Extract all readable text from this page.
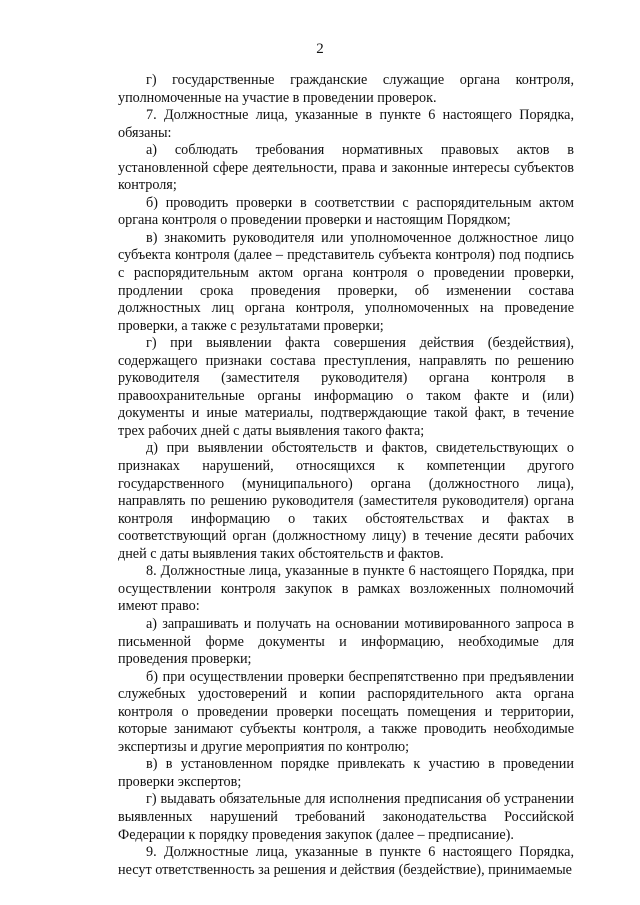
2

г) государственные гражданские служащие органа контроля, уполномоченные на участие в проведении проверок.

7. Должностные лица, указанные в пункте 6 настоящего Порядка, обязаны:

а) соблюдать требования нормативных правовых актов в установленной сфере деятельности, права и законные интересы субъектов контроля;

б) проводить проверки в соответствии с распорядительным актом органа контроля о проведении проверки и настоящим Порядком;

в) знакомить руководителя или уполномоченное должностное лицо субъекта контроля (далее – представитель субъекта контроля) под подпись с распорядительным актом органа контроля о проведении проверки, продлении срока проведения проверки, об изменении состава должностных лиц органа контроля, уполномоченных на проведение проверки, а также с результатами проверки;

г) при выявлении факта совершения действия (бездействия), содержащего признаки состава преступления, направлять по решению руководителя (заместителя руководителя) органа контроля в правоохранительные органы информацию о таком факте и (или) документы и иные материалы, подтверждающие такой факт, в течение трех рабочих дней с даты выявления такого факта;

д) при выявлении обстоятельств и фактов, свидетельствующих о признаках нарушений, относящихся к компетенции другого государственного (муниципального) органа (должностного лица), направлять по решению руководителя (заместителя руководителя) органа контроля информацию о таких обстоятельствах и фактах в соответствующий орган (должностному лицу) в течение десяти рабочих дней с даты выявления таких обстоятельств и фактов.

8. Должностные лица, указанные в пункте 6 настоящего Порядка, при осуществлении контроля закупок в рамках возложенных полномочий имеют право:

а) запрашивать и получать на основании мотивированного запроса в письменной форме документы и информацию, необходимые для проведения проверки;

б) при осуществлении проверки беспрепятственно при предъявлении служебных удостоверений и копии распорядительного акта органа контроля о проведении проверки посещать помещения и территории, которые занимают субъекты контроля, а также проводить необходимые экспертизы и другие мероприятия по контролю;

в) в установленном порядке привлекать к участию в проведении проверки экспертов;

г) выдавать обязательные для исполнения предписания об устранении выявленных нарушений требований законодательства Российской Федерации к порядку проведения закупок (далее – предписание).

9. Должностные лица, указанные в пункте 6 настоящего Порядка, несут ответственность за решения и действия (бездействие), принимаемые
